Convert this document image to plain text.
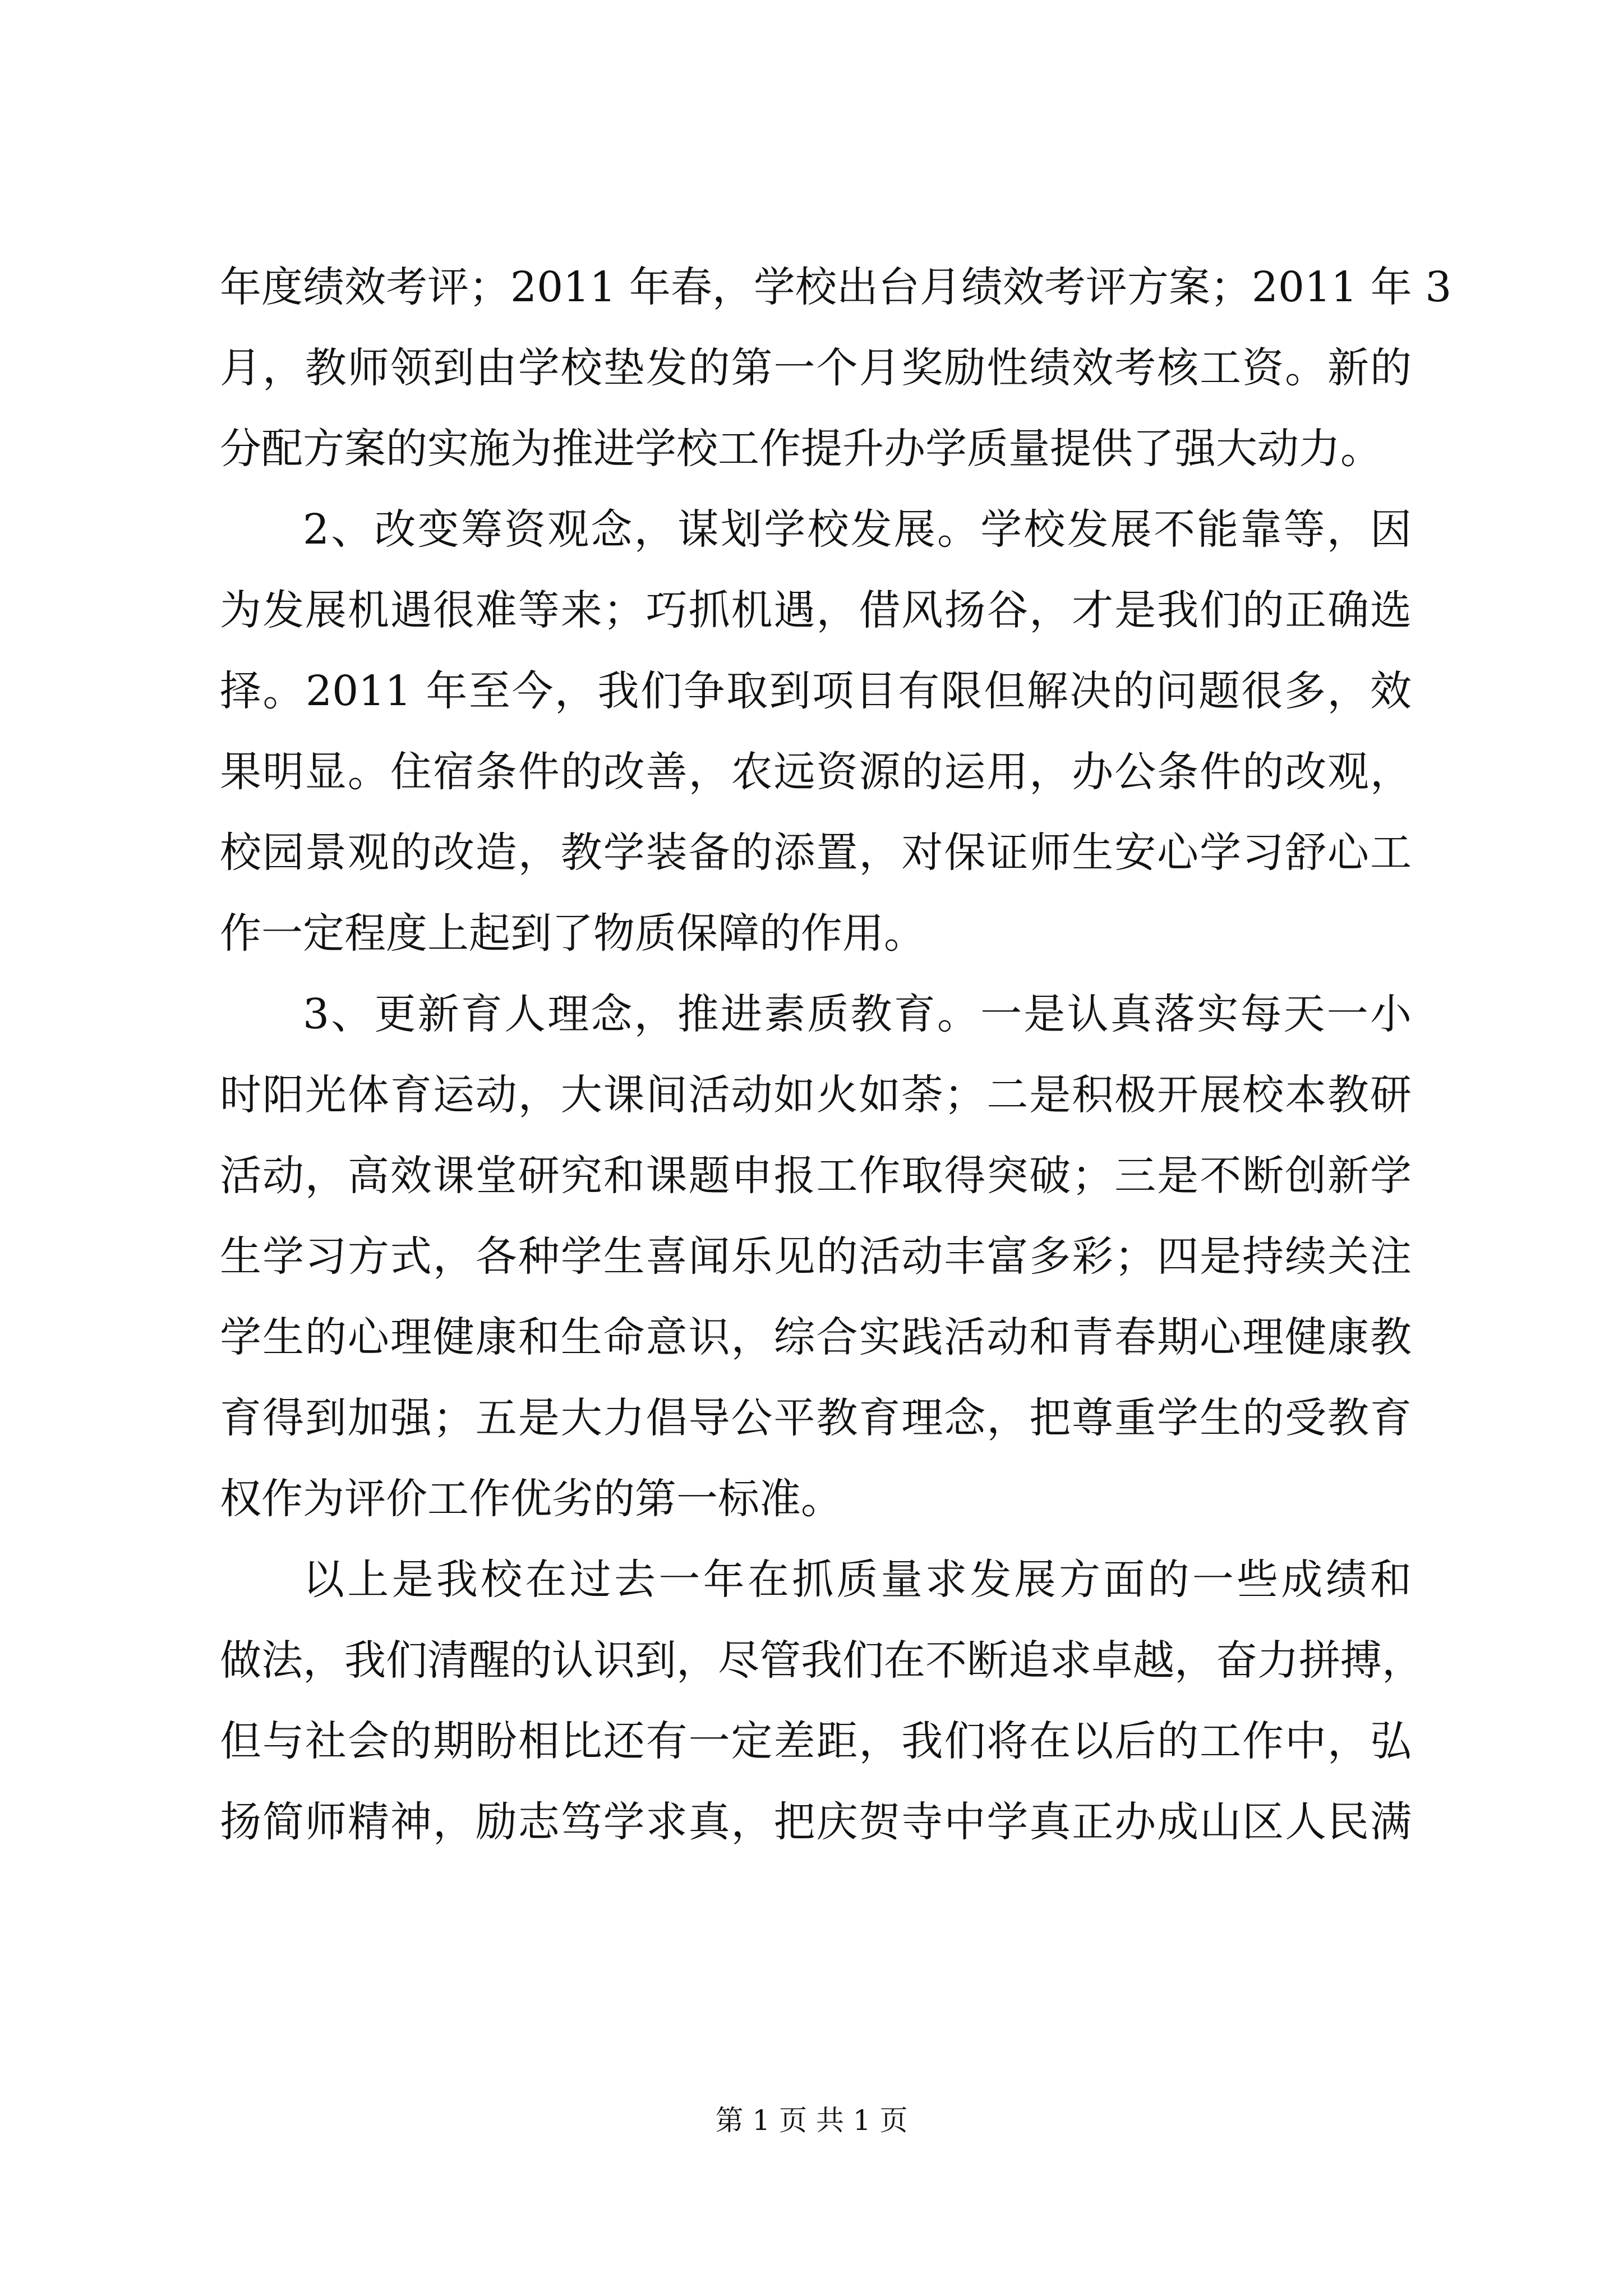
年度绩效考评；2011 年春，学校出台月绩效考评方案；2011 年 3
月，教师领到由学校垫发的第一个月奖励性绩效考核工资。新的
分配方案的实施为推进学校工作提升办学质量提供了强大动力。
2、改变筹资观念，谋划学校发展。学校发展不能靠等，因
为发展机遇很难等来；巧抓机遇，借风扬谷，才是我们的正确选
择。2011 年至今，我们争取到项目有限但解决的问题很多，效
果明显。住宿条件的改善，农远资源的运用，办公条件的改观，
校园景观的改造，教学装备的添置，对保证师生安心学习舒心工
作一定程度上起到了物质保障的作用。
3、更新育人理念，推进素质教育。一是认真落实每天一小
时阳光体育运动，大课间活动如火如荼；二是积极开展校本教研
活动，高效课堂研究和课题申报工作取得突破；三是不断创新学
生学习方式，各种学生喜闻乐见的活动丰富多彩；四是持续关注
学生的心理健康和生命意识，综合实践活动和青春期心理健康教
育得到加强；五是大力倡导公平教育理念，把尊重学生的受教育
权作为评价工作优劣的第一标准。
以上是我校在过去一年在抓质量求发展方面的一些成绩和
做法，我们清醒的认识到，尽管我们在不断追求卓越，奋力拼搏，
但与社会的期盼相比还有一定差距，我们将在以后的工作中，弘
扬简师精神，励志笃学求真，把庆贺寺中学真正办成山区人民满
第 1 页 共 1 页
